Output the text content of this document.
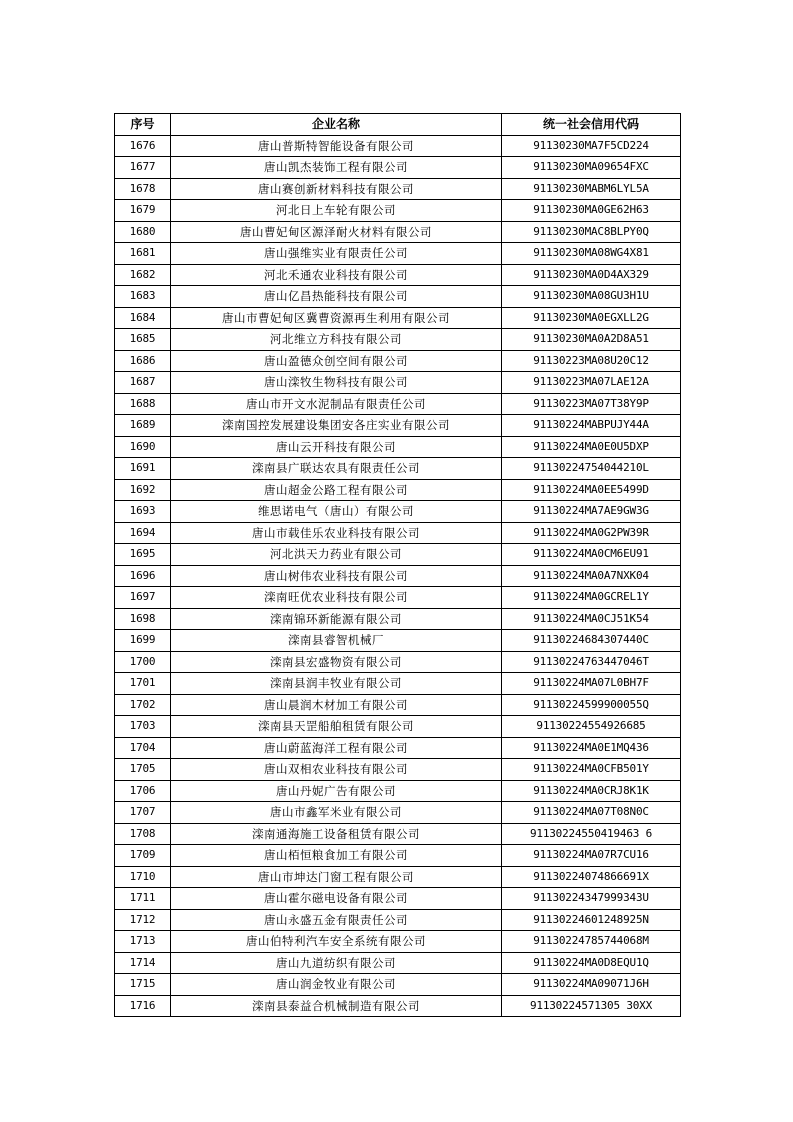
序号	企业名称	统一社会信用代码
1676	唐山普斯特智能设备有限公司	91130230MA7F5CD224
1677	唐山凯杰装饰工程有限公司	91130230MA09654FXC
1678	唐山赛创新材料科技有限公司	91130230MABM6LYL5A
1679	河北日上车轮有限公司	91130230MA0GE62H63
1680	唐山曹妃甸区源泽耐火材料有限公司	91130230MAC8BLPY0Q
1681	唐山强维实业有限责任公司	91130230MA08WG4X81
1682	河北禾通农业科技有限公司	91130230MA0D4AX329
1683	唐山亿昌热能科技有限公司	91130230MA08GU3H1U
1684	唐山市曹妃甸区冀曹资源再生利用有限公司	91130230MA0EGXLL2G
1685	河北维立方科技有限公司	91130230MA0A2D8A51
1686	唐山盈德众创空间有限公司	91130223MA08U20C12
1687	唐山滦牧生物科技有限公司	91130223MA07LAE12A
1688	唐山市开文水泥制品有限责任公司	91130223MA07T38Y9P
1689	滦南国控发展建设集团安各庄实业有限公司	91130224MABPUJY44A
1690	唐山云开科技有限公司	91130224MA0E0U5DXP
1691	滦南县广联达农具有限责任公司	91130224754044210L
1692	唐山超金公路工程有限公司	91130224MA0EE5499D
1693	维思诺电气（唐山）有限公司	91130224MA7AE9GW3G
1694	唐山市载佳乐农业科技有限公司	91130224MA0G2PW39R
1695	河北洪天力药业有限公司	91130224MA0CM6EU91
1696	唐山树伟农业科技有限公司	91130224MA0A7NXK04
1697	滦南旺优农业科技有限公司	91130224MA0GCREL1Y
1698	滦南锦环新能源有限公司	91130224MA0CJ51K54
1699	滦南县睿智机械厂	91130224684307440C
1700	滦南县宏盛物资有限公司	91130224763447046T
1701	滦南县润丰牧业有限公司	91130224MA07L0BH7F
1702	唐山晨润木材加工有限公司	91130224599900055Q
1703	滦南县天罡船舶租赁有限公司	91130224554926685
1704	唐山蔚蓝海洋工程有限公司	91130224MA0E1MQ436
1705	唐山双相农业科技有限公司	91130224MA0CFB501Y
1706	唐山丹妮广告有限公司	91130224MA0CRJ8K1K
1707	唐山市鑫军米业有限公司	91130224MA07T08N0C
1708	滦南通海施工设备租赁有限公司	91130224550419463 6
1709	唐山栢恒粮食加工有限公司	91130224MA07R7CU16
1710	唐山市坤达门窗工程有限公司	91130224074866691X
1711	唐山霍尔磁电设备有限公司	91130224347999343U
1712	唐山永盛五金有限责任公司	91130224601248925N
1713	唐山伯特利汽车安全系统有限公司	91130224785744068M
1714	唐山九道纺织有限公司	91130224MA0D8EQU1Q
1715	唐山润金牧业有限公司	91130224MA09071J6H
1716	滦南县泰益合机械制造有限公司	91130224571305 30XX
